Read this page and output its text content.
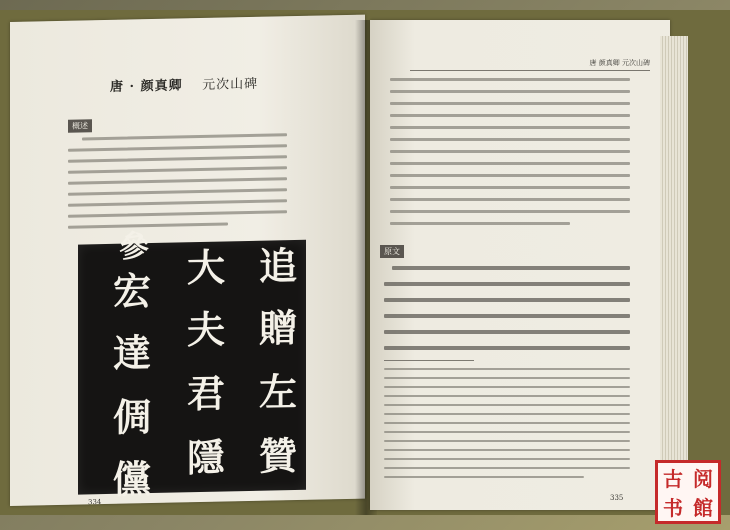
唐 · 颜真卿 元次山碑
概述
追
贈
左
贊
大
夫
君
隱
參
宏
達
倜
儻
334
唐 颜真卿 元次山碑
原文
335
古 阅
书 館
